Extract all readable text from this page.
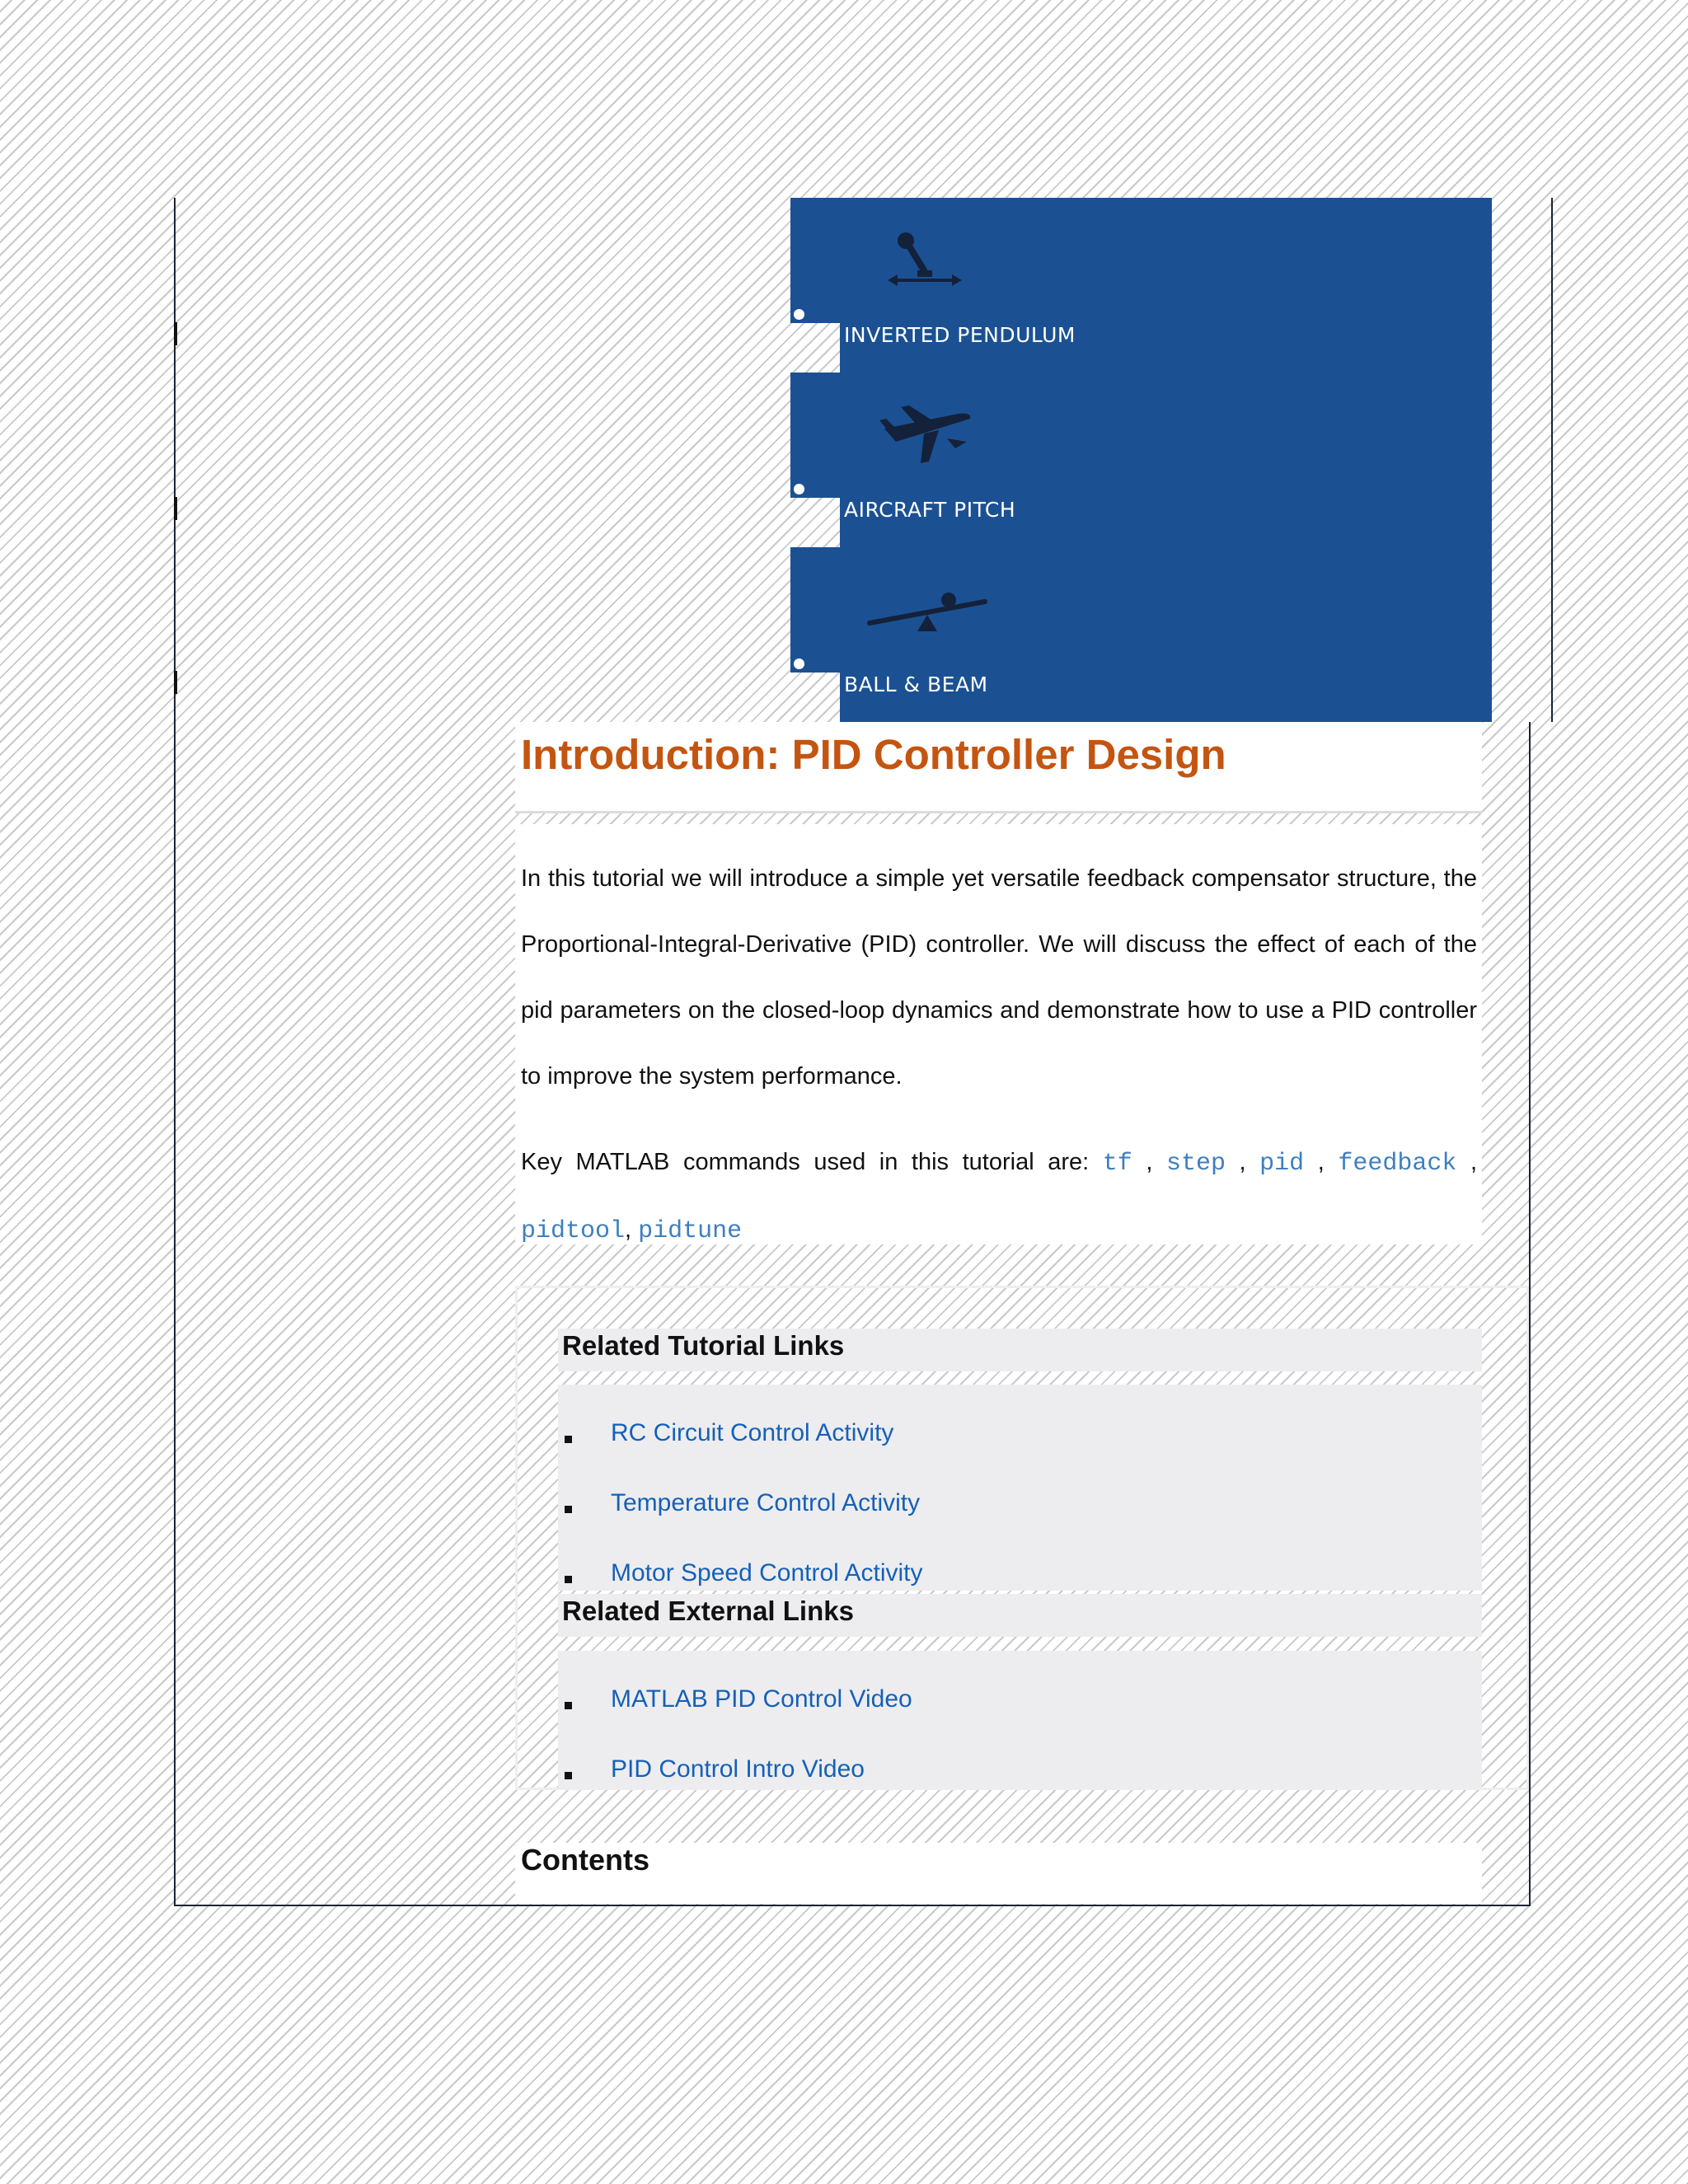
INVERTED PENDULUM
AIRCRAFT PITCH
BALL & BEAM
Introduction: PID Controller Design

In this tutorial we will introduce a simple yet versatile feedback compensator structure, the Proportional-Integral-Derivative (PID) controller. We will discuss the effect of each of the pid parameters on the closed-loop dynamics and demonstrate how to use a PID controller to improve the system performance.

Key MATLAB commands used in this tutorial are: tf , step , pid , feedback , pidtool, pidtune

Related Tutorial Links
RC Circuit Control Activity
Temperature Control Activity
Motor Speed Control Activity
Related External Links
MATLAB PID Control Video
PID Control Intro Video
Contents
